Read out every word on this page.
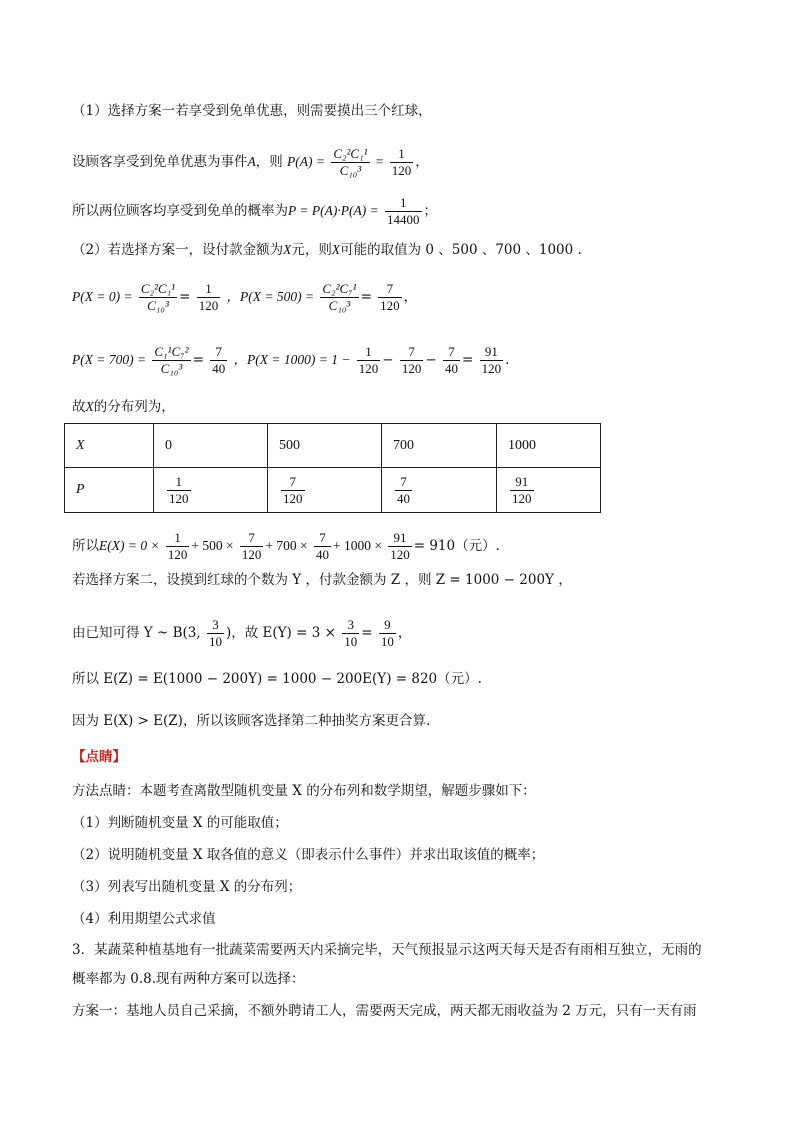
（1）选择方案一若享受到免单优惠，则需要摸出三个红球，
设顾客享受到免单优惠为事件A，则 $P(A) = \frac{\text{C₂²C₁¹}}{\text{C₁₀³}} = \frac{1}{120}$ ，
所以两位顾客均享受到免单的概率为$P = P(A)\cdot P(A) = \frac{1}{14400}$ ；
（2）若选择方案一，设付款金额为X元，则X可能的取值为 0 、500 、700 、1000 .
$P(X = 0) = \frac{\text{C₂²C₁¹}}{\text{C₁₀³}} = \frac{1}{120}$ ，$P(X = 500) = \frac{\text{C₂²C₇¹}}{\text{C₁₀³}} = \frac{7}{120}$ ，
$P(X = 700) = \frac{\text{C₁¹C₇²}}{\text{C₁₀³}} = \frac{7}{40}$ ，$P(X = 1000) = 1 - \frac{1}{120} - \frac{7}{120} - \frac{7}{40} = \frac{91}{120}$ .
故X的分布列为，
X	0	500	700	1000
P	$\frac{1}{120}$	$\frac{7}{120}$	$\frac{7}{40}$	$\frac{91}{120}$
所以$E(X) = 0 \times \frac{1}{120} + 500 \times \frac{7}{120} + 700 \times \frac{7}{40} + 1000 \times \frac{91}{120} = 910$（元）.
若选择方案二，设摸到红球的个数为 Y ，付款金额为 Z ，则 Z = 1000 − 200Y ，
由已知可得 Y ~ B(3, $\frac{3}{10}$ )，故 $E(Y) = 3 \times \frac{3}{10} = \frac{9}{10}$ ，
所以 E(Z) = E(1000 − 200Y) = 1000 − 200E(Y) = 820（元）.
因为 E(X) > E(Z)，所以该顾客选择第二种抽奖方案更合算.
【点睛】
方法点睛：本题考查离散型随机变量 X 的分布列和数学期望，解题步骤如下：
（1）判断随机变量 X 的可能取值；
（2）说明随机变量 X 取各值的意义（即表示什么事件）并求出取该值的概率；
（3）列表写出随机变量 X 的分布列；
（4）利用期望公式求值
3．某蔬菜种植基地有一批蔬菜需要两天内采摘完毕，天气预报显示这两天每天是否有雨相互独立，无雨的
概率都为 0.8.现有两种方案可以选择：
方案一：基地人员自己采摘，不额外聘请工人，需要两天完成，两天都无雨收益为 2 万元，只有一天有雨
